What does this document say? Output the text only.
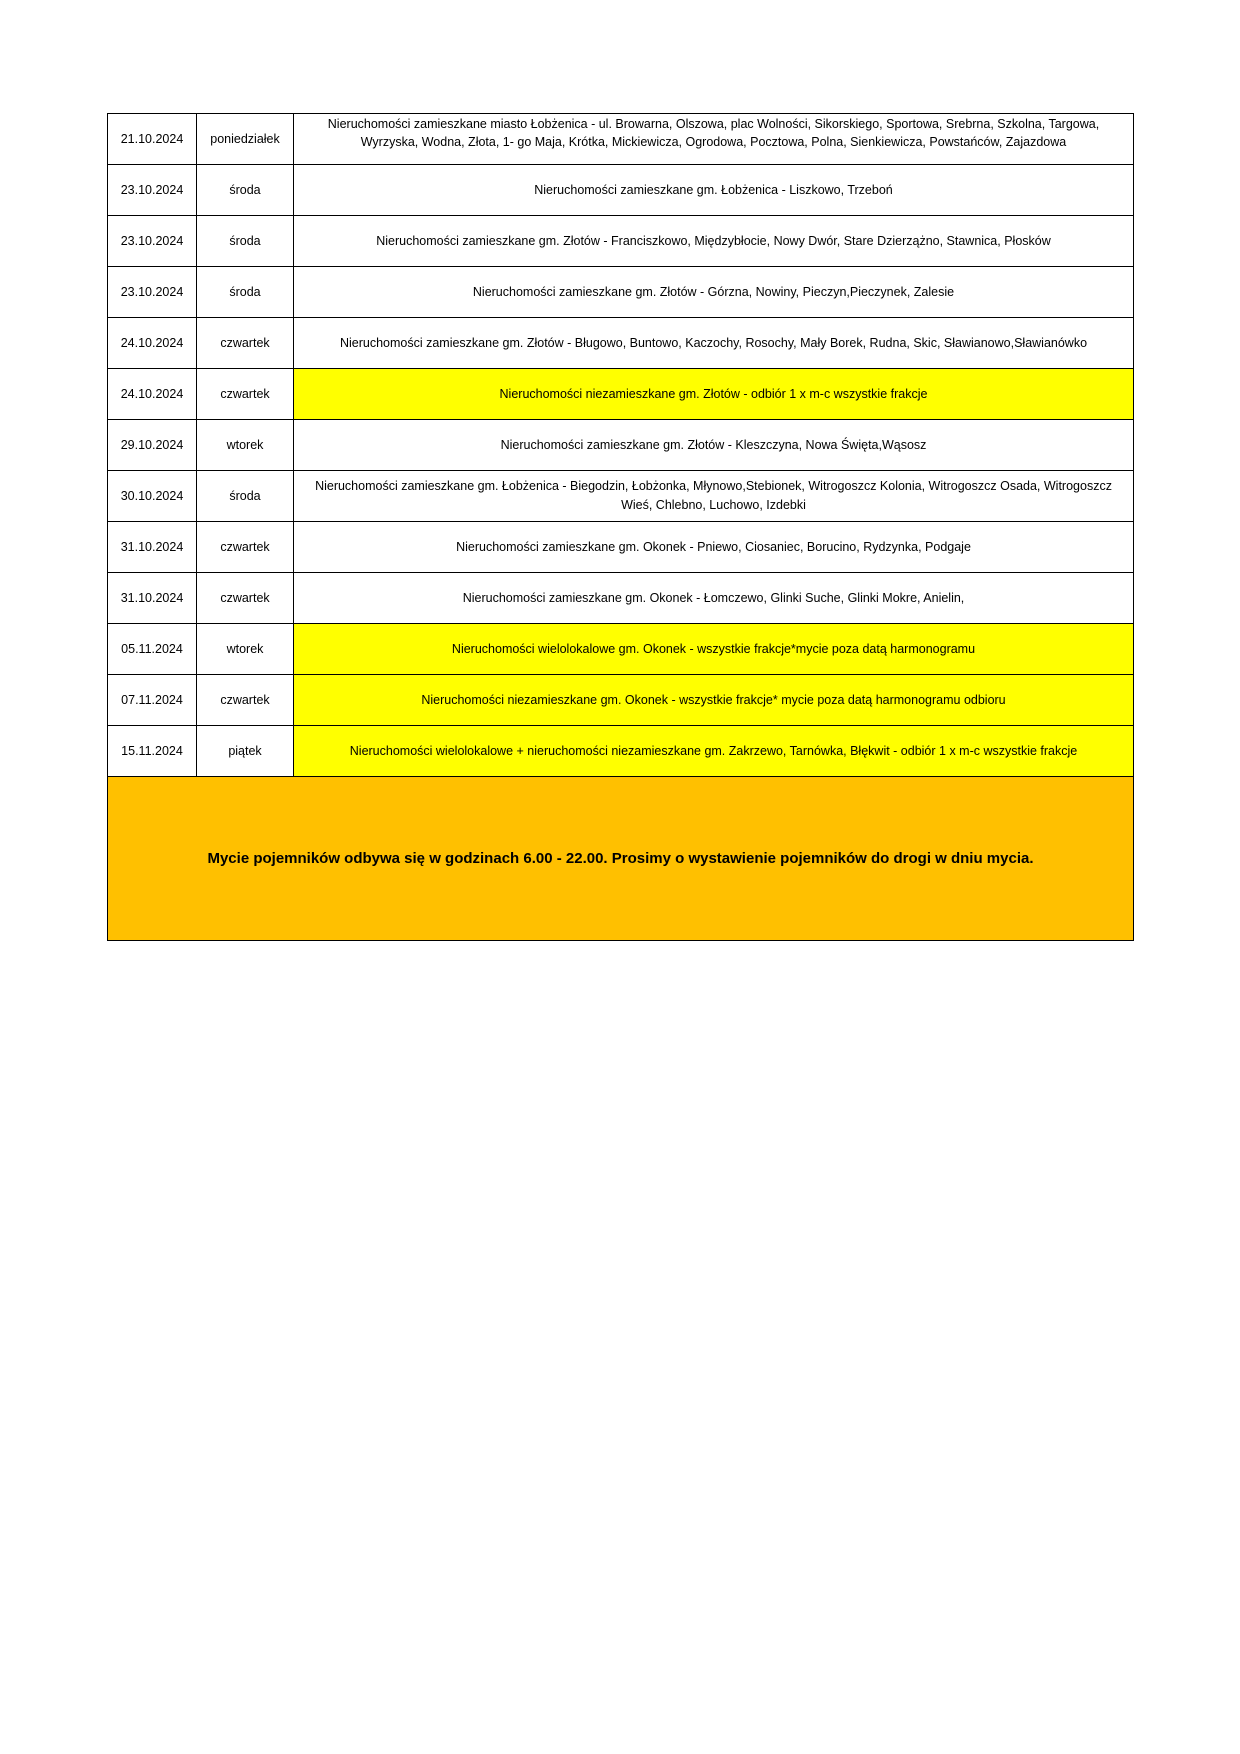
21.10.2024	poniedziałek	Nieruchomości zamieszkane miasto Łobżenica - ul. Browarna, Olszowa, plac Wolności, Sikorskiego, Sportowa, Srebrna, Szkolna, Targowa, Wyrzyska, Wodna, Złota, 1- go Maja, Krótka, Mickiewicza, Ogrodowa, Pocztowa, Polna, Sienkiewicza, Powstańców, Zajazdowa
23.10.2024	środa	Nieruchomości zamieszkane gm. Łobżenica - Liszkowo, Trzeboń
23.10.2024	środa	Nieruchomości zamieszkane gm. Złotów - Franciszkowo, Międzybłocie, Nowy Dwór, Stare Dzierzążno, Stawnica, Płosków
23.10.2024	środa	Nieruchomości zamieszkane gm. Złotów - Górzna, Nowiny, Pieczyn,Pieczynek, Zalesie
24.10.2024	czwartek	Nieruchomości zamieszkane gm. Złotów - Bługowo, Buntowo, Kaczochy, Rosochy, Mały Borek, Rudna, Skic, Sławianowo,Sławianówko
24.10.2024	czwartek	Nieruchomości niezamieszkane gm. Złotów - odbiór 1 x m-c wszystkie frakcje
29.10.2024	wtorek	Nieruchomości zamieszkane gm. Złotów - Kleszczyna, Nowa Święta,Wąsosz
30.10.2024	środa	Nieruchomości zamieszkane gm. Łobżenica - Biegodzin, Łobżonka, Młynowo,Stebionek, Witrogoszcz Kolonia, Witrogoszcz Osada, Witrogoszcz Wieś, Chlebno, Luchowo, Izdebki
31.10.2024	czwartek	Nieruchomości zamieszkane gm. Okonek - Pniewo, Ciosaniec, Borucino, Rydzynka, Podgaje
31.10.2024	czwartek	Nieruchomości zamieszkane gm. Okonek - Łomczewo, Glinki Suche, Glinki Mokre, Anielin,
05.11.2024	wtorek	Nieruchomości wielolokalowe gm. Okonek - wszystkie frakcje*mycie poza datą harmonogramu
07.11.2024	czwartek	Nieruchomości niezamieszkane gm. Okonek - wszystkie frakcje* mycie poza datą harmonogramu odbioru
15.11.2024	piątek	Nieruchomości wielolokalowe + nieruchomości niezamieszkane gm. Zakrzewo, Tarnówka, Błękwit - odbiór 1 x m-c wszystkie frakcje
Mycie pojemników odbywa się w godzinach 6.00 - 22.00. Prosimy o wystawienie pojemników do drogi w dniu mycia.		
